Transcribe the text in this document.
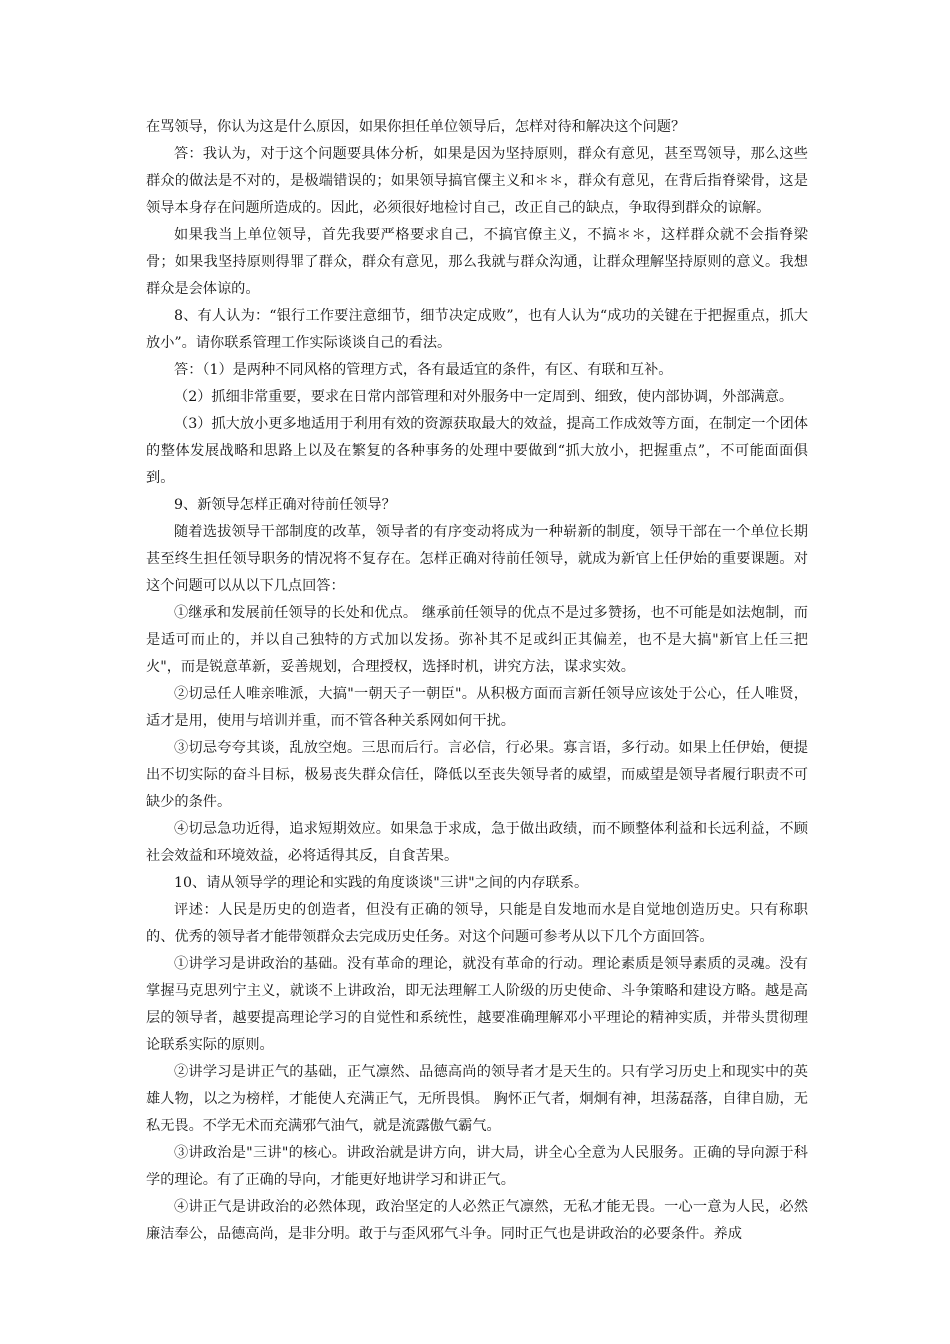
在骂领导，你认为这是什么原因，如果你担任单位领导后，怎样对待和解决这个问题？

答：我认为，对于这个问题要具体分析，如果是因为坚持原则，群众有意见，甚至骂领导，那么这些群众的做法是不对的，是极端错误的；如果领导搞官僳主义和＊＊，群众有意见，在背后指脊梁骨，这是领导本身存在问题所造成的。因此，必须很好地检讨自己，改正自己的缺点，争取得到群众的谅解。

如果我当上单位领导，首先我要严格要求自己，不搞官僚主义，不搞＊＊，这样群众就不会指脊梁骨；如果我坚持原则得罪了群众，群众有意见，那么我就与群众沟通，让群众理解坚持原则的意义。我想群众是会体谅的。

8、有人认为：“银行工作要注意细节，细节决定成败”，也有人认为“成功的关键在于把握重点，抓大放小”。请你联系管理工作实际谈谈自己的看法。

答：（1）是两种不同风格的管理方式，各有最适宜的条件，有区、有联和互补。

（2）抓细非常重要，要求在日常内部管理和对外服务中一定周到、细致，使内部协调，外部满意。

（3）抓大放小更多地适用于利用有效的资源获取最大的效益，提高工作成效等方面，在制定一个团体的整体发展战略和思路上以及在繁复的各种事务的处理中要做到“抓大放小，把握重点”，不可能面面俱到。

9、新领导怎样正确对待前任领导？

随着选拔领导干部制度的改革，领导者的有序变动将成为一种崭新的制度，领导干部在一个单位长期甚至终生担任领导职务的情况将不复存在。怎样正确对待前任领导，就成为新官上任伊始的重要课题。对这个问题可以从以下几点回答：

①继承和发展前任领导的长处和优点。 继承前任领导的优点不是过多赞扬，也不可能是如法炮制，而是适可而止的，并以自己独特的方式加以发扬。弥补其不足或纠正其偏差，也不是大搞"新官上任三把火"，而是锐意革新，妥善规划，合理授权，选择时机，讲究方法，谋求实效。

②切忌任人唯亲唯派，大搞"一朝天子一朝臣"。从积极方面而言新任领导应该处于公心，任人唯贤，适才是用，使用与培训并重，而不管各种关系网如何干扰。

③切忌夸夸其谈，乱放空炮。三思而后行。言必信，行必果。寡言语，多行动。如果上任伊始，便提出不切实际的奋斗目标，极易丧失群众信任，降低以至丧失领导者的威望，而威望是领导者履行职责不可缺少的条件。

④切忌急功近得，追求短期效应。如果急于求成，急于做出政绩，而不顾整体利益和长远利益，不顾社会效益和环境效益，必将适得其反，自食苦果。

10、请从领导学的理论和实践的角度谈谈"三讲"之间的内存联系。

评述：人民是历史的创造者，但没有正确的领导，只能是自发地而水是自觉地创造历史。只有称职的、优秀的领导者才能带领群众去完成历史任务。对这个问题可参考从以下几个方面回答。

①讲学习是讲政治的基础。没有革命的理论，就没有革命的行动。理论素质是领导素质的灵魂。没有掌握马克思列宁主义，就谈不上讲政治，即无法理解工人阶级的历史使命、斗争策略和建设方略。越是高层的领导者，越要提高理论学习的自觉性和系统性，越要准确理解邓小平理论的精神实质，并带头贯彻理论联系实际的原则。

②讲学习是讲正气的基础，正气凛然、品德高尚的领导者才是天生的。只有学习历史上和现实中的英雄人物，以之为榜样，才能使人充满正气，无所畏惧。 胸怀正气者，炯炯有神，坦荡磊落，自律自励，无私无畏。不学无术而充满邪气油气，就是流露傲气霸气。

③讲政治是"三讲"的核心。讲政治就是讲方向，讲大局，讲全心全意为人民服务。正确的导向源于科学的理论。有了正确的导向，才能更好地讲学习和讲正气。

④讲正气是讲政治的必然体现，政治坚定的人必然正气凛然，无私才能无畏。一心一意为人民，必然廉洁奉公，品德高尚，是非分明。敢于与歪风邪气斗争。同时正气也是讲政治的必要条件。养成
